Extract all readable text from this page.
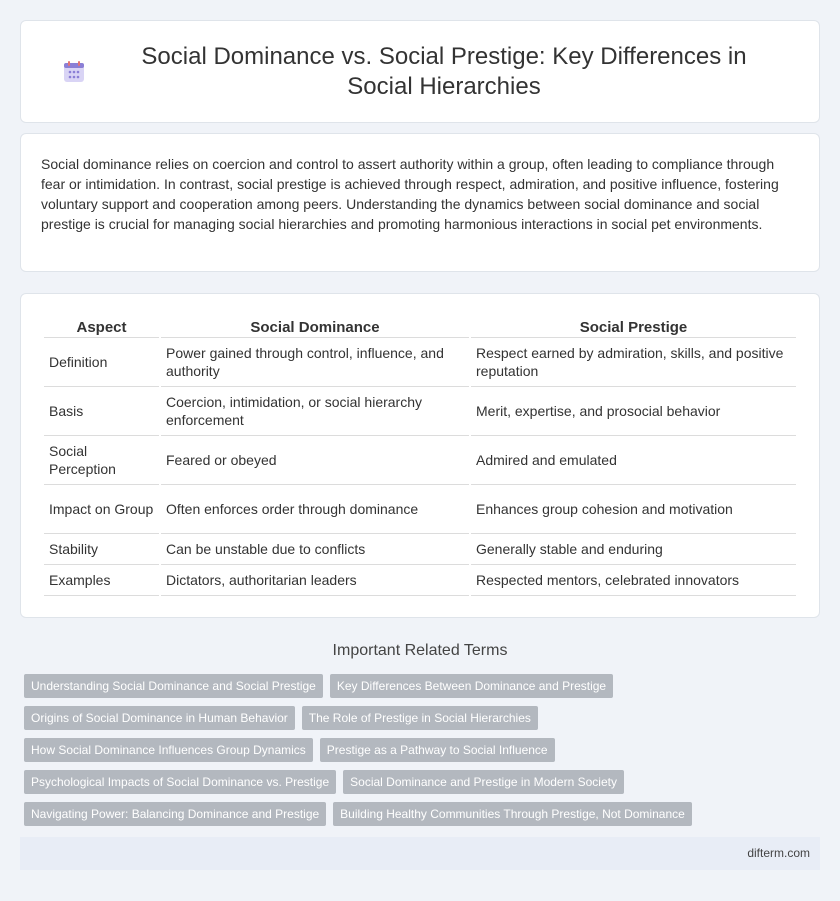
Social Dominance vs. Social Prestige: Key Differences in Social Hierarchies

Social dominance relies on coercion and control to assert authority within a group, often leading to compliance through fear or intimidation. In contrast, social prestige is achieved through respect, admiration, and positive influence, fostering voluntary support and cooperation among peers. Understanding the dynamics between social dominance and social prestige is crucial for managing social hierarchies and promoting harmonious interactions in social pet environments.

Aspect	Social Dominance	Social Prestige
Definition	Power gained through control, influence, and authority	Respect earned by admiration, skills, and positive reputation
Basis	Coercion, intimidation, or social hierarchy enforcement	Merit, expertise, and prosocial behavior
Social Perception	Feared or obeyed	Admired and emulated
Impact on Group	Often enforces order through dominance	Enhances group cohesion and motivation
Stability	Can be unstable due to conflicts	Generally stable and enduring
Examples	Dictators, authoritarian leaders	Respected mentors, celebrated innovators
Important Related Terms
Understanding Social Dominance and Social Prestige	Key Differences Between Dominance and Prestige
Origins of Social Dominance in Human Behavior	The Role of Prestige in Social Hierarchies
How Social Dominance Influences Group Dynamics	Prestige as a Pathway to Social Influence
Psychological Impacts of Social Dominance vs. Prestige	Social Dominance and Prestige in Modern Society
Navigating Power: Balancing Dominance and Prestige	Building Healthy Communities Through Prestige, Not Dominance
difterm.com
